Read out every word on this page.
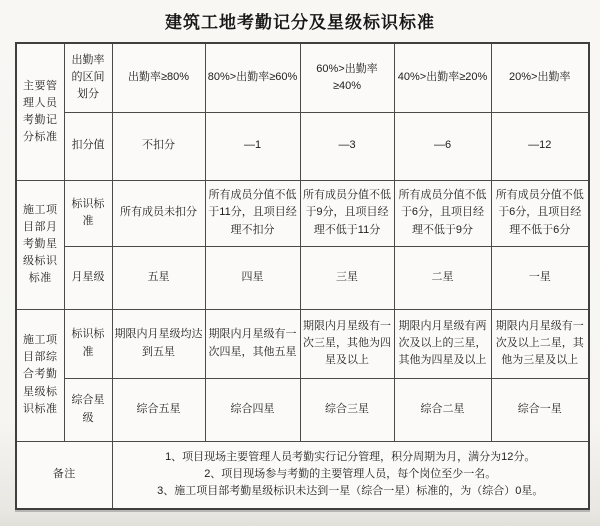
建筑工地考勤记分及星级标识标准
主要管理人员考勤记分标准	出勤率的区间划分	出勤率≥80%	80%>出勤率≥60%	60%>出勤率≥40%	40%>出勤率≥20%	20%>出勤率
	扣分值	不扣分	—1	—3	—6	—12
施工项目部月考勤星级标识标准	标识标准	所有成员未扣分	所有成员分值不低于11分，且项目经理不扣分	所有成员分值不低于9分，且项目经理不低于11分	所有成员分值不低于6分，且项目经理不低于9分	所有成员分值不低于6分，且项目经理不低于6分
	月星级	五星	四星	三星	二星	一星
施工项目部综合考勤星级标识标准	标识标准	期限内月星级均达到五星	期限内月星级有一次四星，其他五星	期限内月星级有一次三星，其他为四星及以上	期限内月星级有两次及以上的三星，其他为四星及以上	期限内月星级有一次及以上二星，其他为三星及以上
	综合星级	综合五星	综合四星	综合三星	综合二星	综合一星
备注		1、项目现场主要管理人员考勤实行记分管理，积分周期为月，满分为12分。
2、项目现场参与考勤的主要管理人员，每个岗位至少一名。
3、施工项目部考勤星级标识未达到一星（综合一星）标准的，为（综合）0星。				
